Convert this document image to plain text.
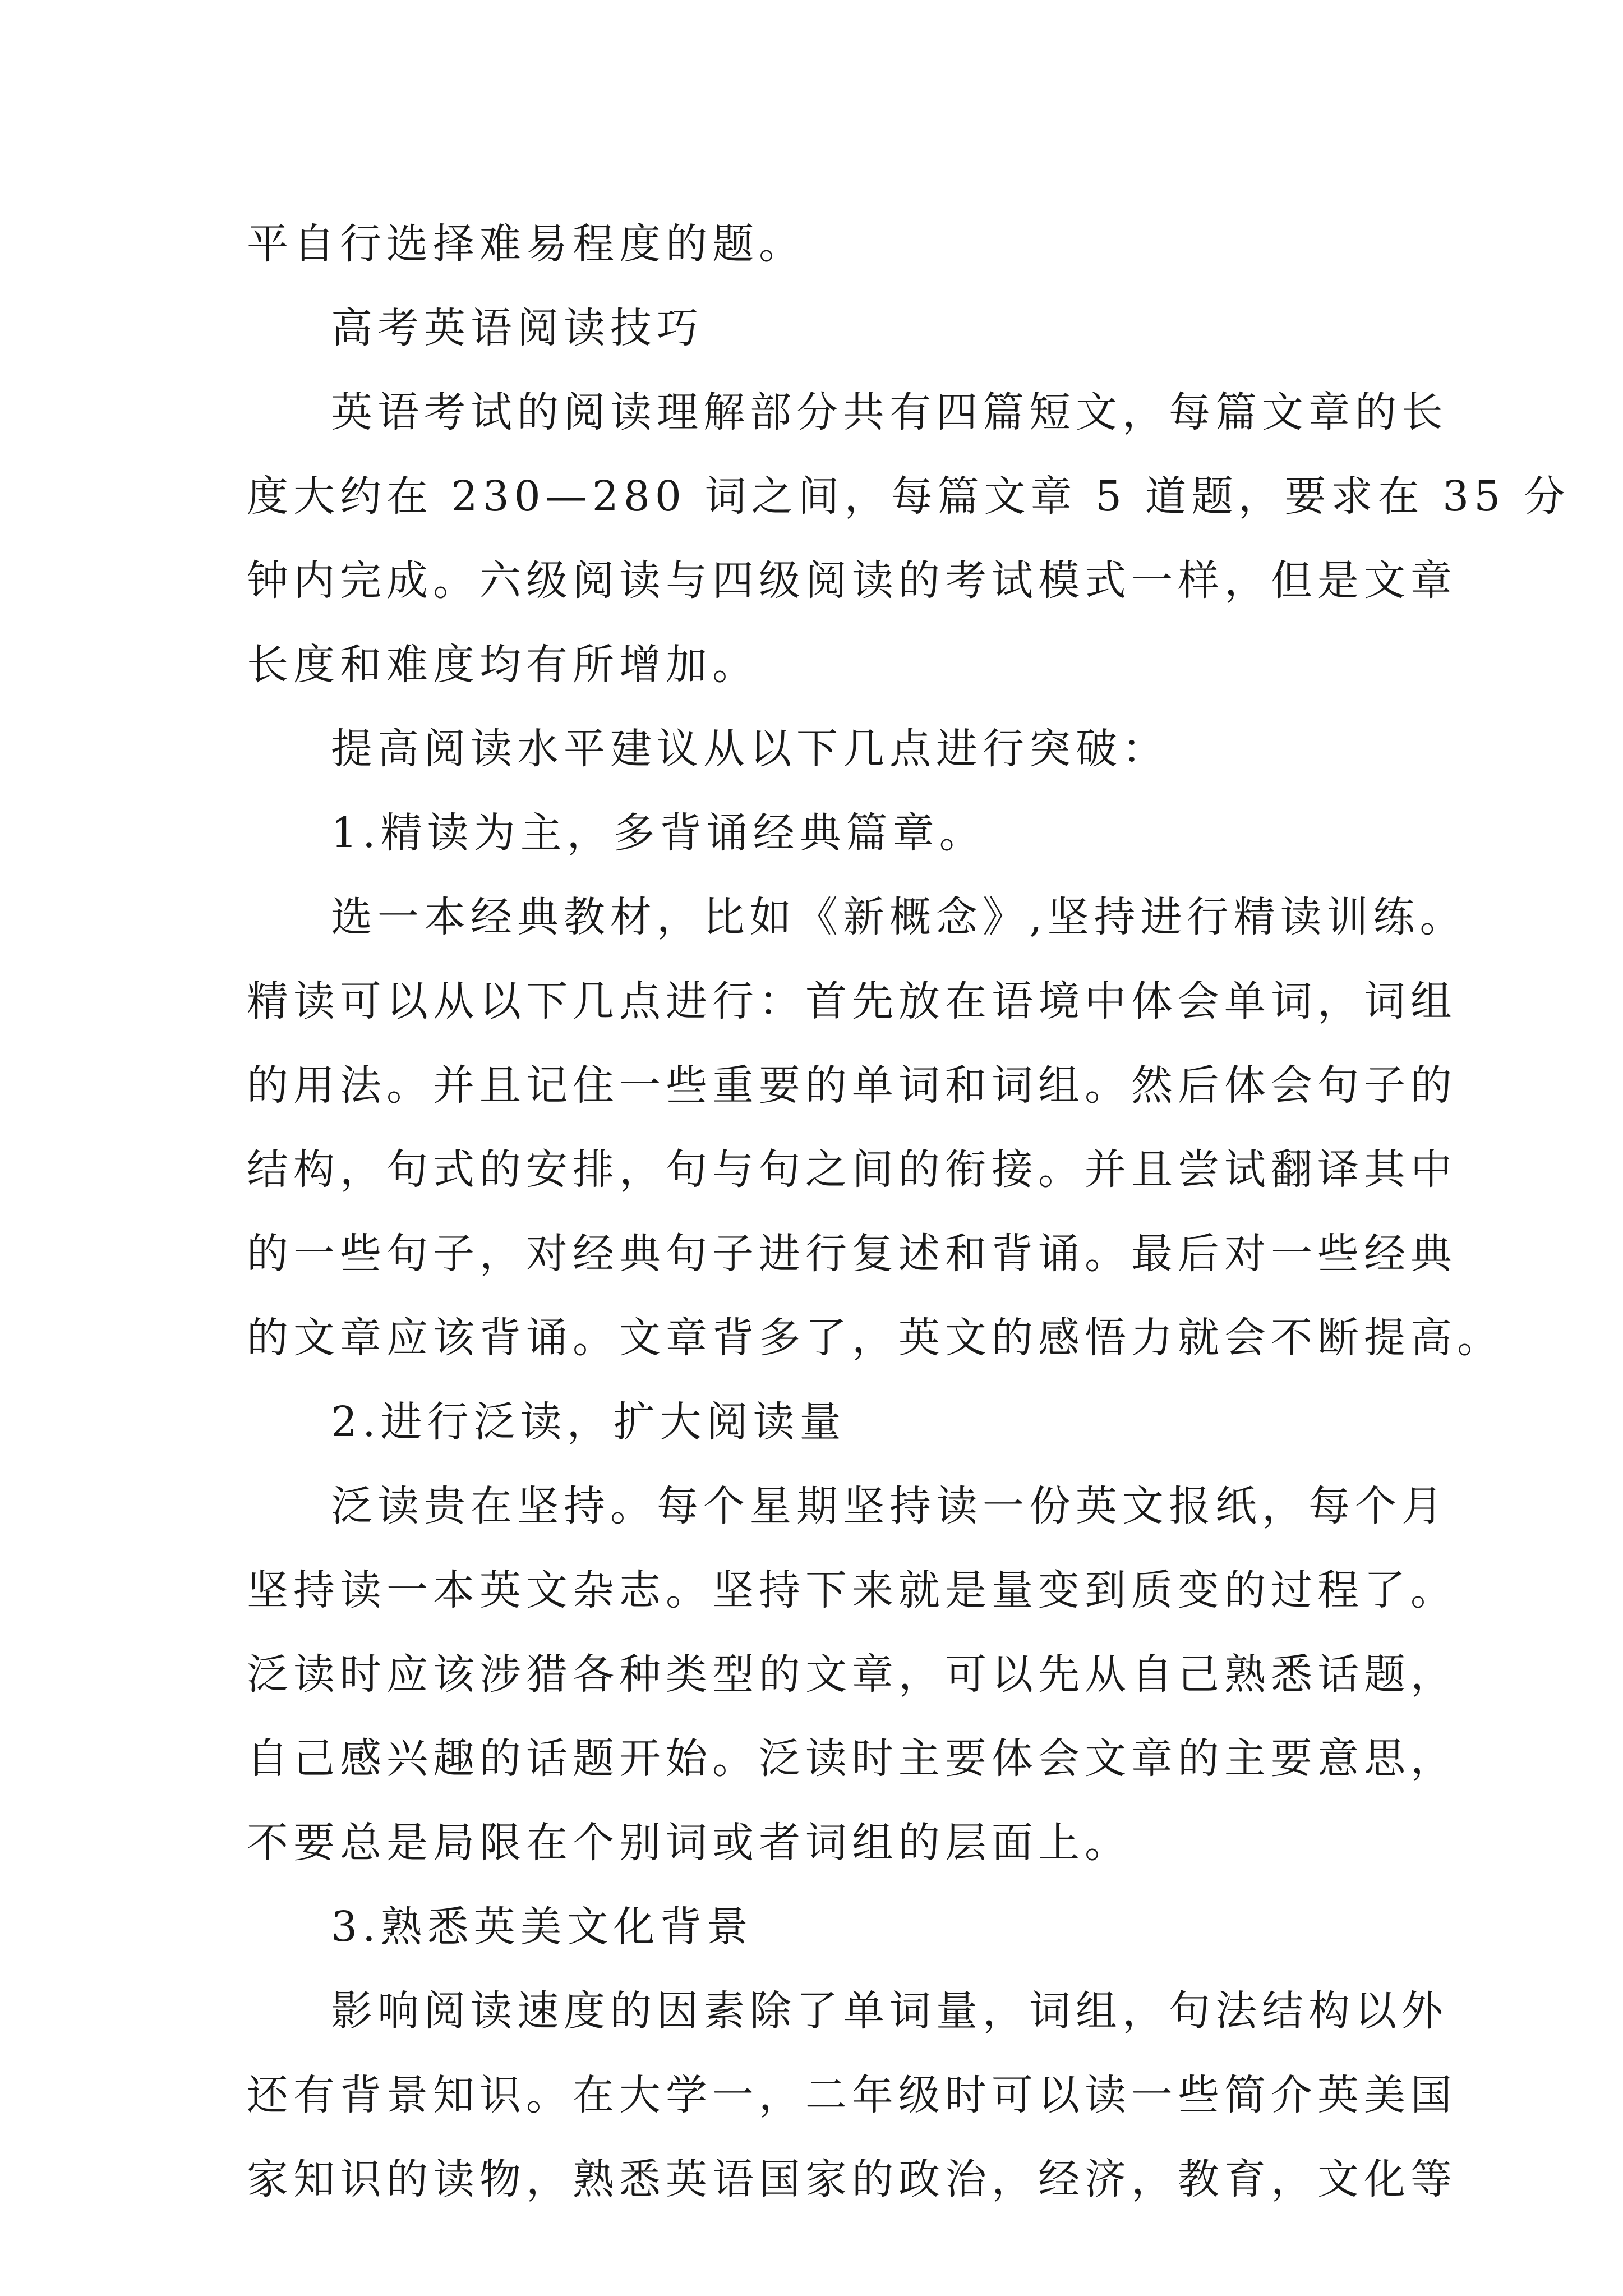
平自行选择难易程度的题。
高考英语阅读技巧
英语考试的阅读理解部分共有四篇短文，每篇文章的长
度大约在 230—280 词之间，每篇文章 5 道题，要求在 35 分
钟内完成。六级阅读与四级阅读的考试模式一样，但是文章
长度和难度均有所增加。
提高阅读水平建议从以下几点进行突破：
1.精读为主，多背诵经典篇章。
选一本经典教材，比如《新概念》,坚持进行精读训练。
精读可以从以下几点进行：首先放在语境中体会单词，词组
的用法。并且记住一些重要的单词和词组。然后体会句子的
结构，句式的安排，句与句之间的衔接。并且尝试翻译其中
的一些句子，对经典句子进行复述和背诵。最后对一些经典
的文章应该背诵。文章背多了，英文的感悟力就会不断提高。
2.进行泛读，扩大阅读量
泛读贵在坚持。每个星期坚持读一份英文报纸，每个月
坚持读一本英文杂志。坚持下来就是量变到质变的过程了。
泛读时应该涉猎各种类型的文章，可以先从自己熟悉话题，
自己感兴趣的话题开始。泛读时主要体会文章的主要意思，
不要总是局限在个别词或者词组的层面上。
3.熟悉英美文化背景
影响阅读速度的因素除了单词量，词组，句法结构以外
还有背景知识。在大学一，二年级时可以读一些简介英美国
家知识的读物，熟悉英语国家的政治，经济，教育，文化等
